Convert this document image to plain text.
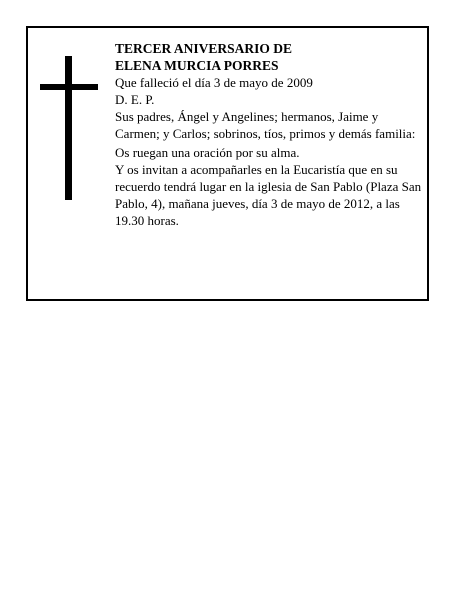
TERCER ANIVERSARIO DE
ELENA MURCIA PORRES
Que falleció el día 3 de mayo de 2009
D. E. P.
Sus padres, Ángel y Angelines; hermanos, Jaime y Carmen; y Carlos; sobrinos, tíos, primos y demás familia:
Os ruegan una oración por su alma.
Y os invitan a acompañarles en la Eucaristía que en su recuerdo tendrá lugar en la iglesia de San Pablo (Plaza San Pablo, 4), mañana jueves, día 3 de mayo de 2012, a las 19.30 horas.
